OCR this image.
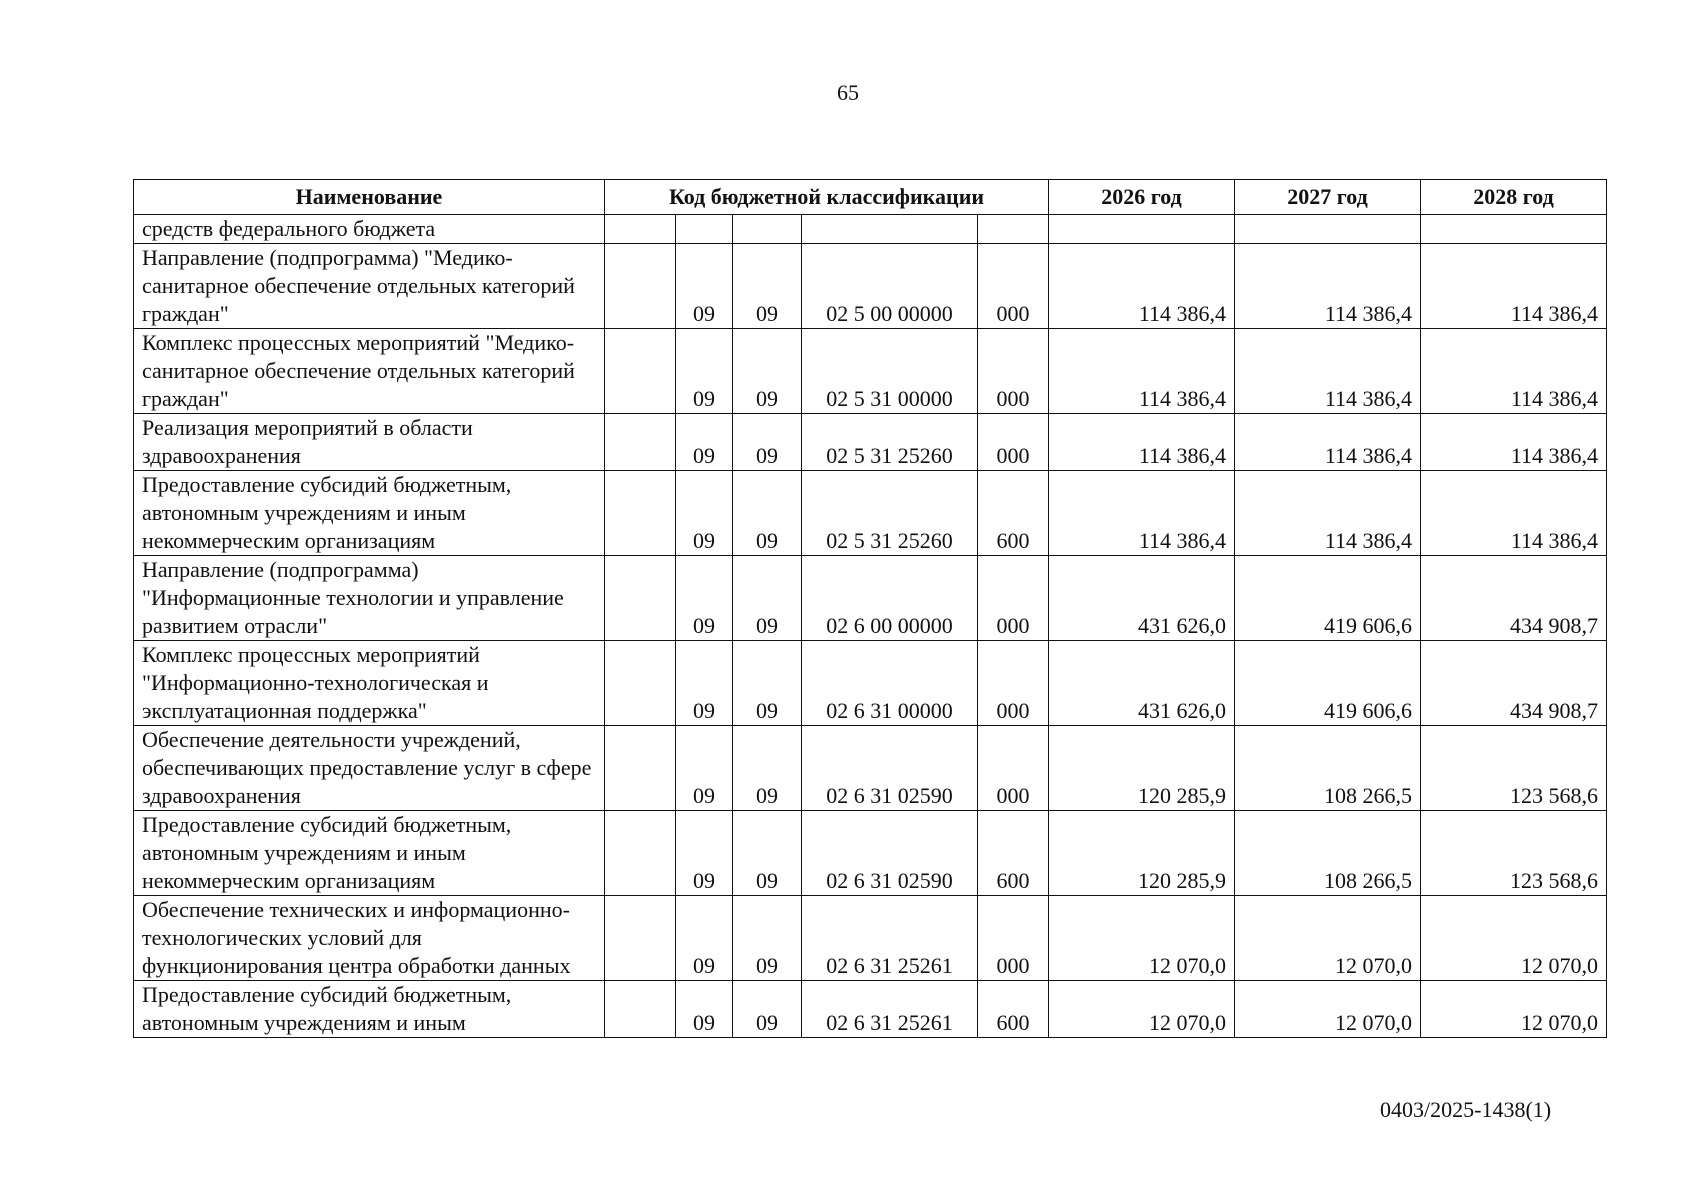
65
Наименование	Код бюджетной классификации					2026 год	2027 год	2028 год
средств федерального бюджета								
Направление (подпрограмма) "Медико-санитарное обеспечение отдельных категорий граждан"		09	09	02 5 00 00000	000	114 386,4	114 386,4	114 386,4
Комплекс процессных мероприятий "Медико-санитарное обеспечение отдельных категорий граждан"		09	09	02 5 31 00000	000	114 386,4	114 386,4	114 386,4
Реализация мероприятий в области здравоохранения		09	09	02 5 31 25260	000	114 386,4	114 386,4	114 386,4
Предоставление субсидий бюджетным, автономным учреждениям и иным некоммерческим организациям		09	09	02 5 31 25260	600	114 386,4	114 386,4	114 386,4
Направление (подпрограмма) "Информационные технологии и управление развитием отрасли"		09	09	02 6 00 00000	000	431 626,0	419 606,6	434 908,7
Комплекс процессных мероприятий "Информационно-технологическая и эксплуатационная поддержка"		09	09	02 6 31 00000	000	431 626,0	419 606,6	434 908,7
Обеспечение деятельности учреждений, обеспечивающих предоставление услуг в сфере здравоохранения		09	09	02 6 31 02590	000	120 285,9	108 266,5	123 568,6
Предоставление субсидий бюджетным, автономным учреждениям и иным некоммерческим организациям		09	09	02 6 31 02590	600	120 285,9	108 266,5	123 568,6
Обеспечение технических и информационно-технологических условий для функционирования центра обработки данных		09	09	02 6 31 25261	000	12 070,0	12 070,0	12 070,0
Предоставление субсидий бюджетным, автономным учреждениям и иным		09	09	02 6 31 25261	600	12 070,0	12 070,0	12 070,0
0403/2025-1438(1)
